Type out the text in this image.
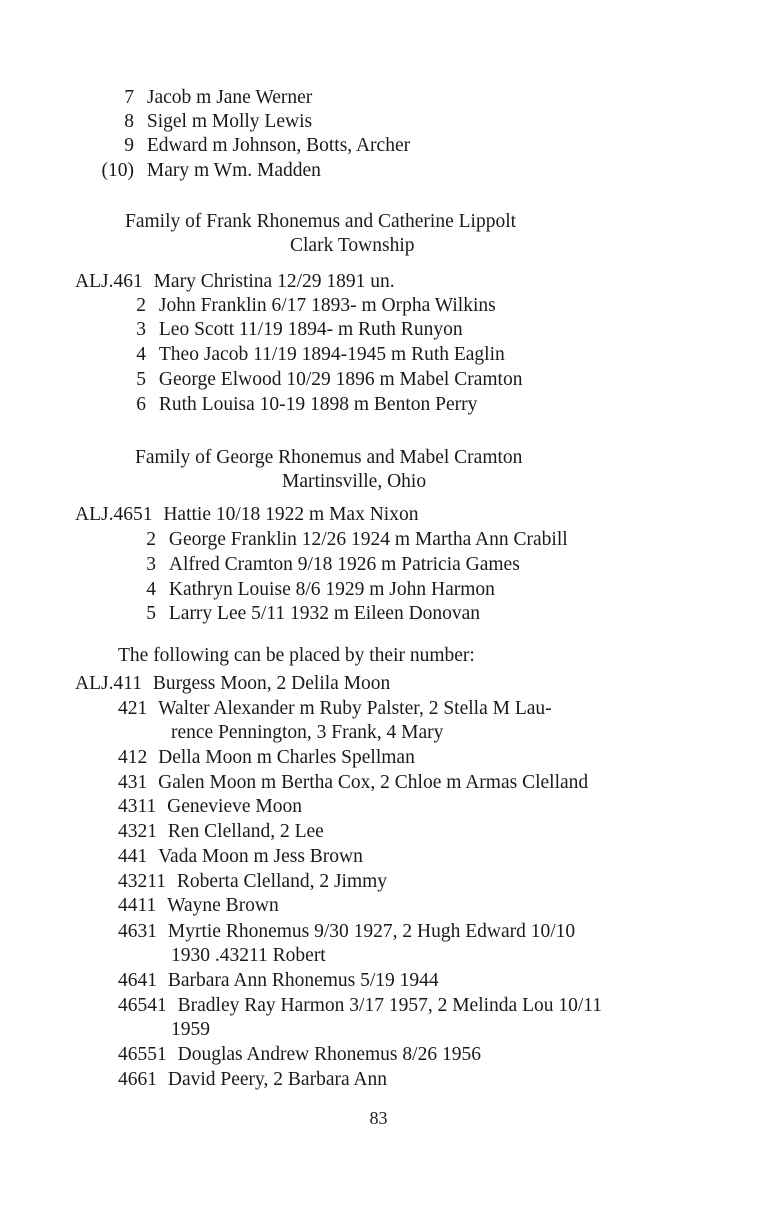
7 Jacob m Jane Werner
8 Sigel m Molly Lewis
9 Edward m Johnson, Botts, Archer
(10) Mary m Wm. Madden
Family of Frank Rhonemus and Catherine Lippolt
Clark Township
ALJ.461 Mary Christina 12/29 1891 un.
2 John Franklin 6/17 1893- m Orpha Wilkins
3 Leo Scott 11/19 1894- m Ruth Runyon
4 Theo Jacob 11/19 1894-1945 m Ruth Eaglin
5 George Elwood 10/29 1896 m Mabel Cramton
6 Ruth Louisa 10-19 1898 m Benton Perry
Family of George Rhonemus and Mabel Cramton
Martinsville, Ohio
ALJ.4651 Hattie 10/18 1922 m Max Nixon
2 George Franklin 12/26 1924 m Martha Ann Crabill
3 Alfred Cramton 9/18 1926 m Patricia Games
4 Kathryn Louise 8/6 1929 m John Harmon
5 Larry Lee 5/11 1932 m Eileen Donovan
The following can be placed by their number:
ALJ.411 Burgess Moon, 2 Delila Moon
421 Walter Alexander m Ruby Palster, 2 Stella M Lau-
rence Pennington, 3 Frank, 4 Mary
412 Della Moon m Charles Spellman
431 Galen Moon m Bertha Cox, 2 Chloe m Armas Clelland
4311 Genevieve Moon
4321 Ren Clelland, 2 Lee
441 Vada Moon m Jess Brown
43211 Roberta Clelland, 2 Jimmy
4411 Wayne Brown
4631 Myrtie Rhonemus 9/30 1927, 2 Hugh Edward 10/10
1930 .43211 Robert
4641 Barbara Ann Rhonemus 5/19 1944
46541 Bradley Ray Harmon 3/17 1957, 2 Melinda Lou 10/11
1959
46551 Douglas Andrew Rhonemus 8/26 1956
4661 David Peery, 2 Barbara Ann
83
